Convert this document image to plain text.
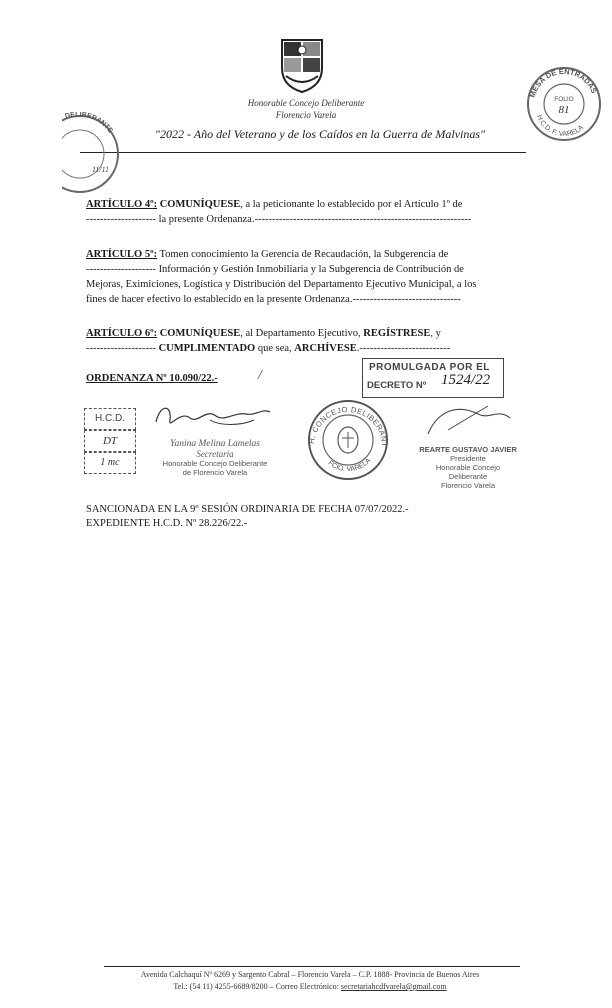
Honorable Concejo Deliberante
Florencio Varela
"2022 - Año del Veterano y de los Caídos en la Guerra de Malvinas"
MESA DE ENTRADAS
H.C.D. F. VARELA
FOLIO
81
DELIBERANTE
11/11
ARTÍCULO 4º: COMUNÍQUESE, a la peticionante lo establecido por el Artículo 1º de
-------------------- la presente Ordenanza.--------------------------------------------------------------
ARTÍCULO 5º: Tomen conocimiento la Gerencia de Recaudación, la Subgerencia de
-------------------- Información y Gestión Inmobiliaria y la Subgerencia de Contribución de
Mejoras, Eximiciones, Logística y Distribución del Departamento Ejecutivo Municipal, a los
fines de hacer efectivo lo establecido en la presente Ordenanza.-------------------------------
ARTÍCULO 6º: COMUNÍQUESE, al Departamento Ejecutivo, REGÍSTRESE, y
-------------------- CUMPLIMENTADO que sea, ARCHÍVESE.--------------------------
ORDENANZA Nº 10.090/22.-	/
PROMULGADA POR EL
DECRETO Nº 1524/22
H.C.D.
DT
1 mc
Yanina Melina Lamelas
Secretaria
Honorable Concejo Deliberante
de Florencio Varela
H. CONCEJO DELIBERANT
FCIO. VARELA
REARTE GUSTAVO JAVIER
Presidente
Honorable Concejo Deliberante
Florencio Varela
SANCIONADA EN LA 9º SESIÓN ORDINARIA DE FECHA 07/07/2022.-
EXPEDIENTE H.C.D. Nº 28.226/22.-
Avenida Calchaquí Nº 6269 y Sargento Cabral – Florencio Varela – C.P. 1888- Provincia de Buenos Aires
Tel.: (54 11) 4255-6689/8200 – Correo Electrónico: secretariahcdfvarela@gmail.com
